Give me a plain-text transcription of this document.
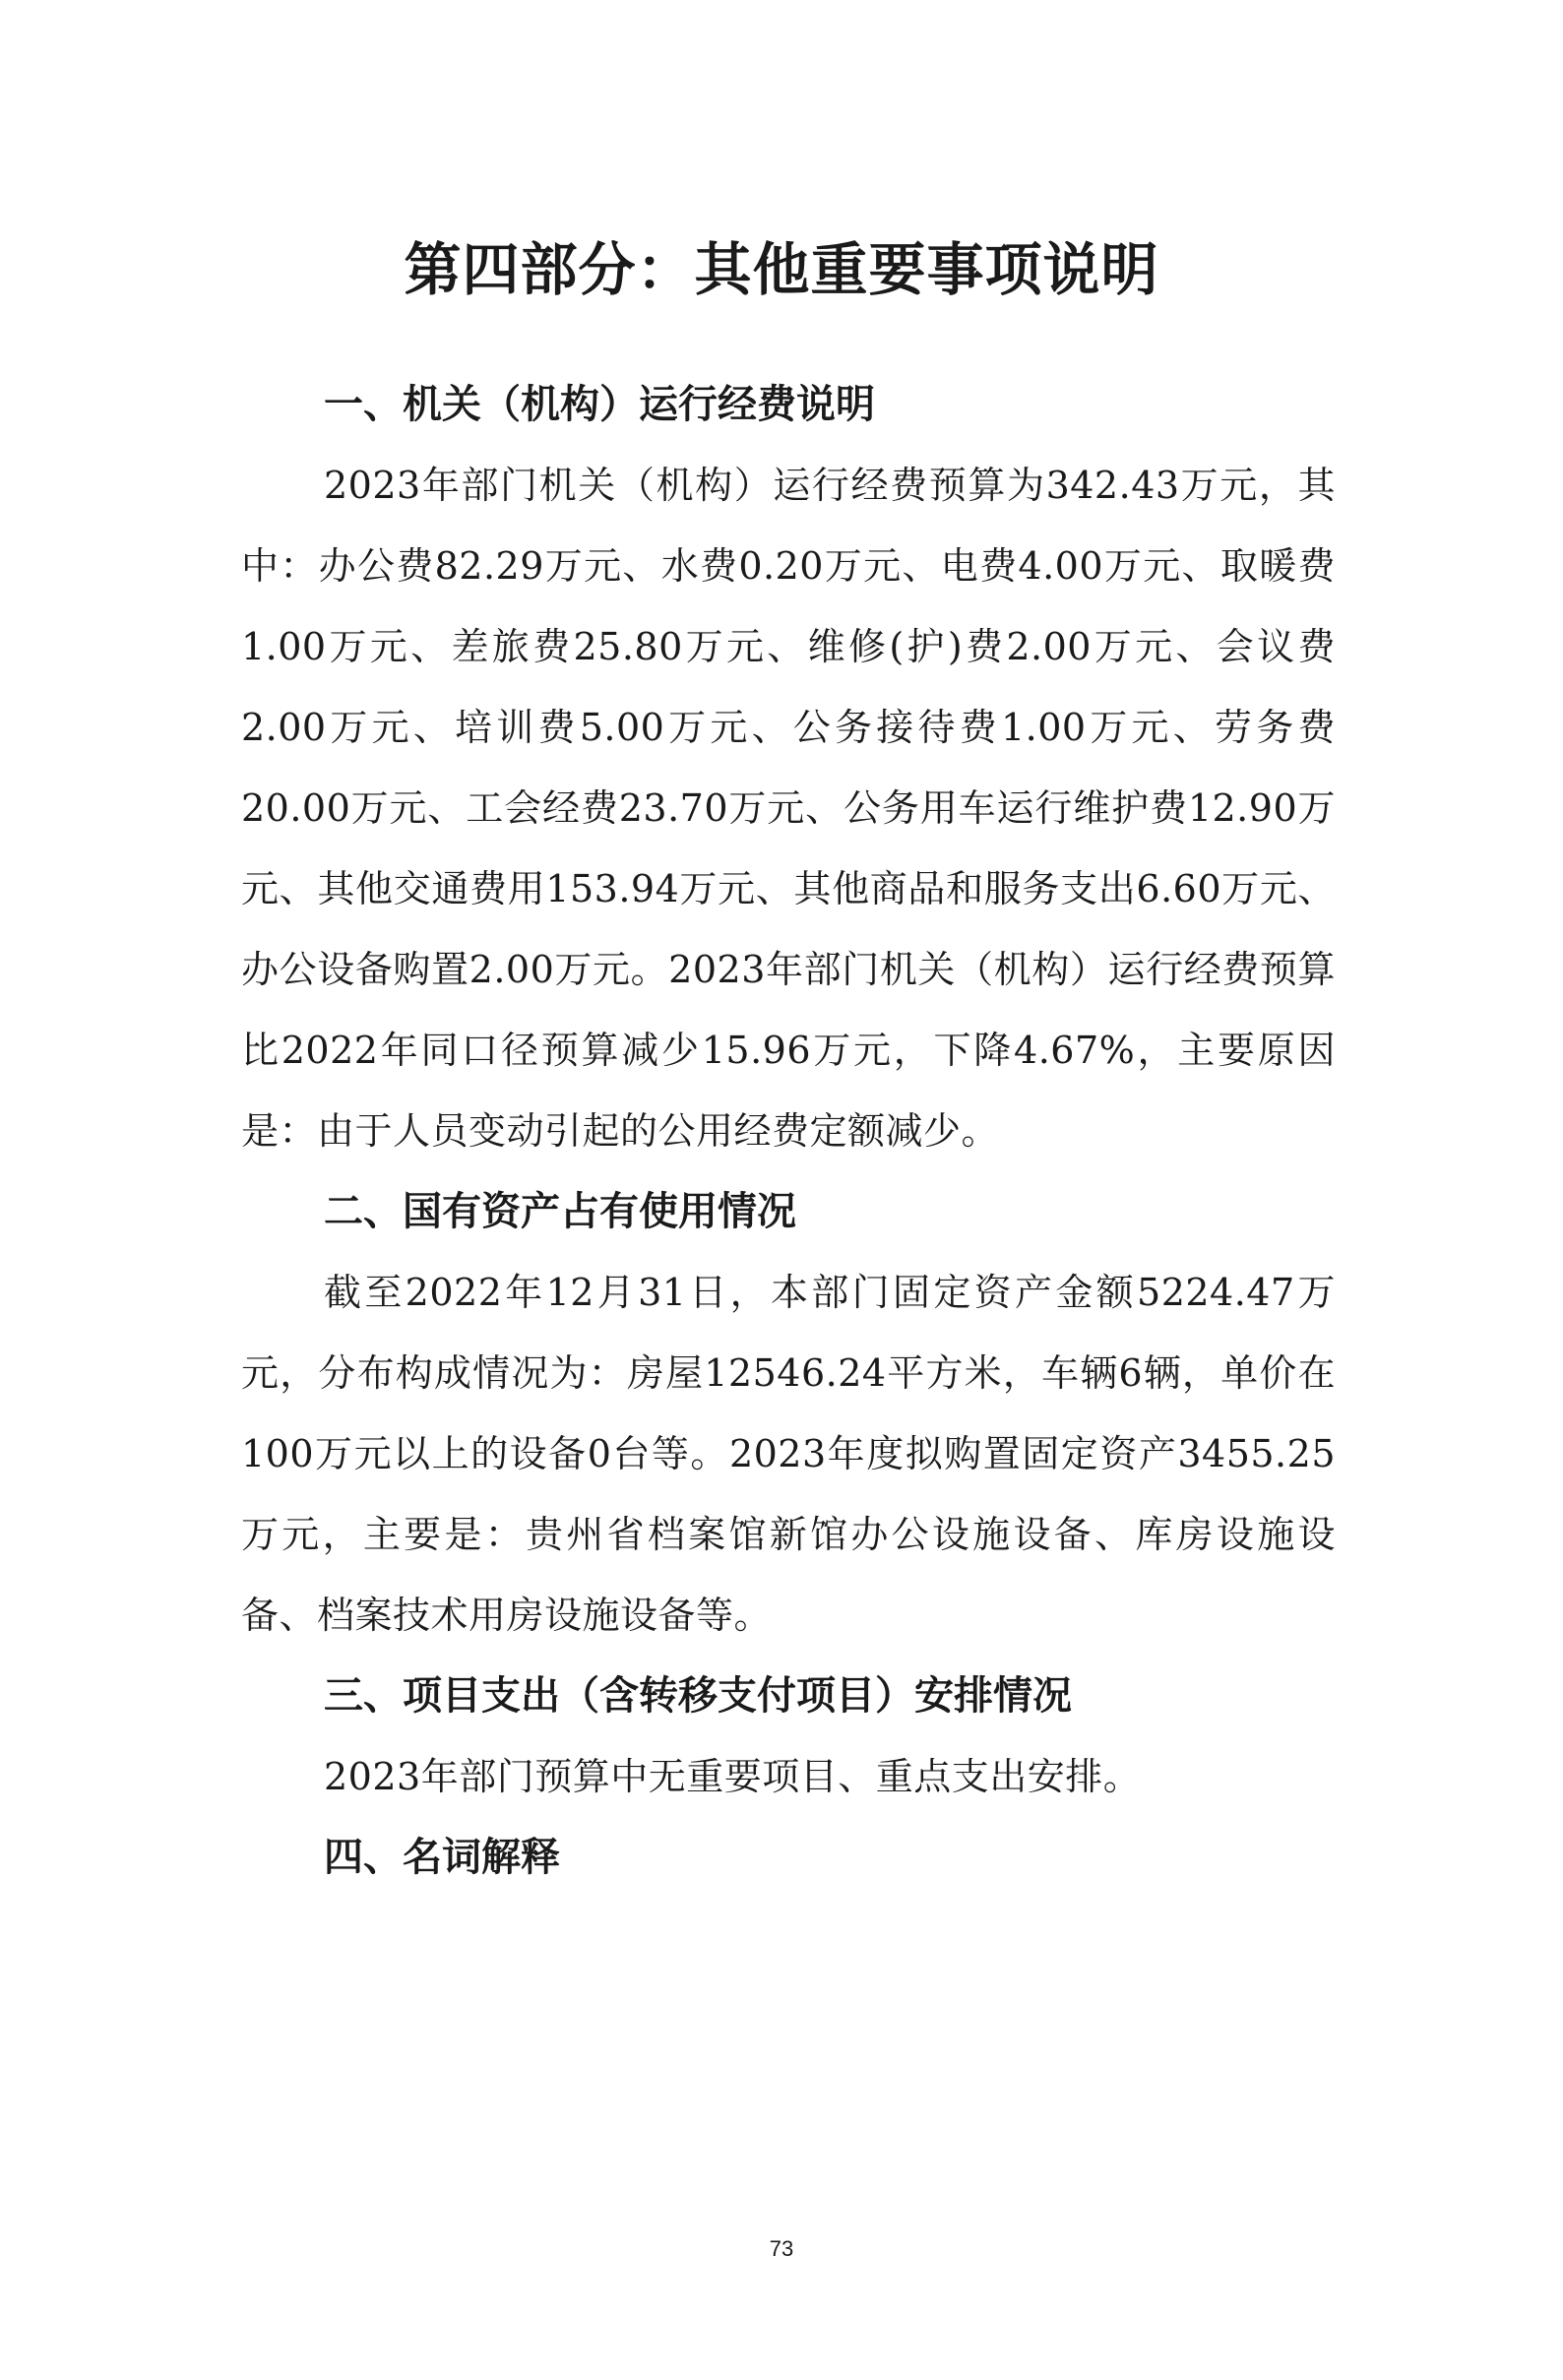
第四部分：其他重要事项说明
一、机关（机构）运行经费说明

2023年部门机关（机构）运行经费预算为342.43万元，其中：办公费82.29万元、水费0.20万元、电费4.00万元、取暖费1.00万元、差旅费25.80万元、维修(护)费2.00万元、会议费2.00万元、培训费5.00万元、公务接待费1.00万元、劳务费20.00万元、工会经费23.70万元、公务用车运行维护费12.90万元、其他交通费用153.94万元、其他商品和服务支出6.60万元、办公设备购置2.00万元。2023年部门机关（机构）运行经费预算比2022年同口径预算减少15.96万元，下降4.67%，主要原因是：由于人员变动引起的公用经费定额减少。

二、国有资产占有使用情况

截至2022年12月31日，本部门固定资产金额5224.47万元，分布构成情况为：房屋12546.24平方米，车辆6辆，单价在100万元以上的设备0台等。2023年度拟购置固定资产3455.25万元，主要是：贵州省档案馆新馆办公设施设备、库房设施设备、档案技术用房设施设备等。

三、项目支出（含转移支付项目）安排情况

2023年部门预算中无重要项目、重点支出安排。

四、名词解释
73
